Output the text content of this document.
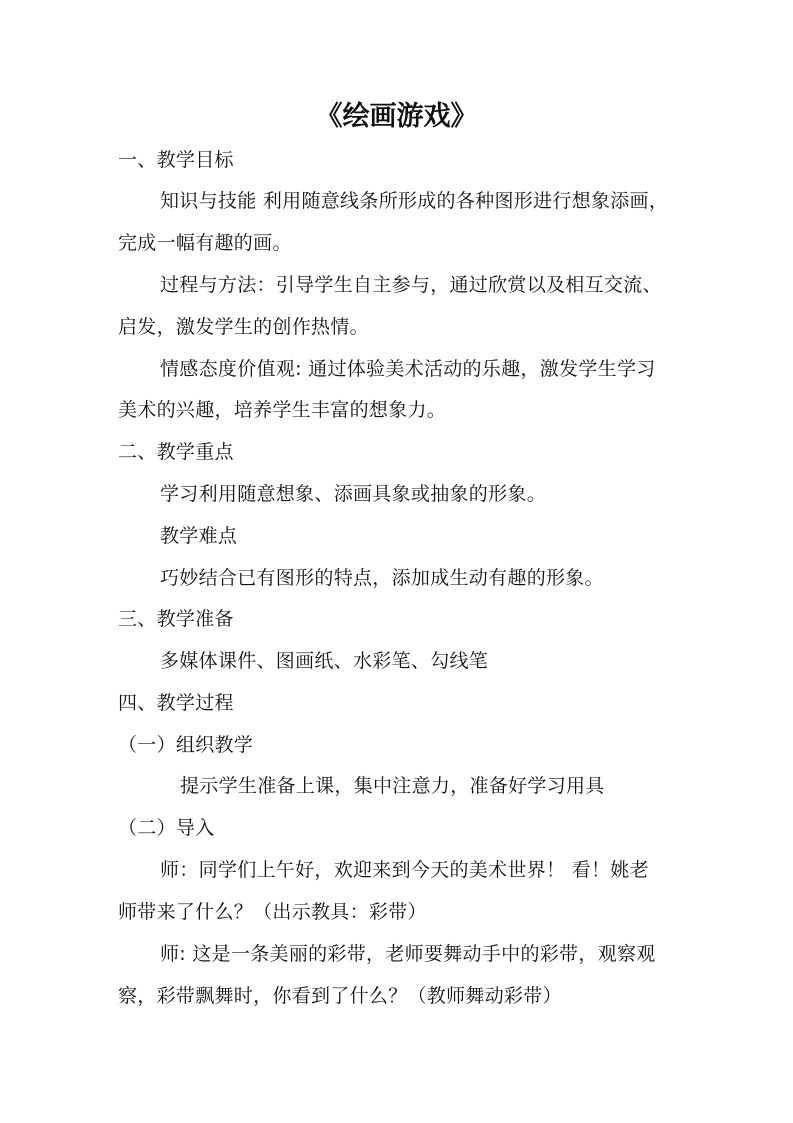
《绘画游戏》
一、教学目标
知识与技能 利用随意线条所形成的各种图形进行想象添画，
完成一幅有趣的画。
过程与方法：引导学生自主参与，通过欣赏以及相互交流、
启发，激发学生的创作热情。
情感态度价值观: 通过体验美术活动的乐趣，激发学生学习
美术的兴趣，培养学生丰富的想象力。
二、教学重点
学习利用随意想象、添画具象或抽象的形象。
教学难点
巧妙结合已有图形的特点，添加成生动有趣的形象。
三、教学准备
多媒体课件、图画纸、水彩笔、勾线笔
四、教学过程
（一）组织教学
提示学生准备上课，集中注意力，准备好学习用具
（二）导入
师：同学们上午好，欢迎来到今天的美术世界！ 看！姚老
师带来了什么？（出示教具：彩带）
师: 这是一条美丽的彩带，老师要舞动手中的彩带，观察观
察，彩带飘舞时，你看到了什么？（教师舞动彩带）
